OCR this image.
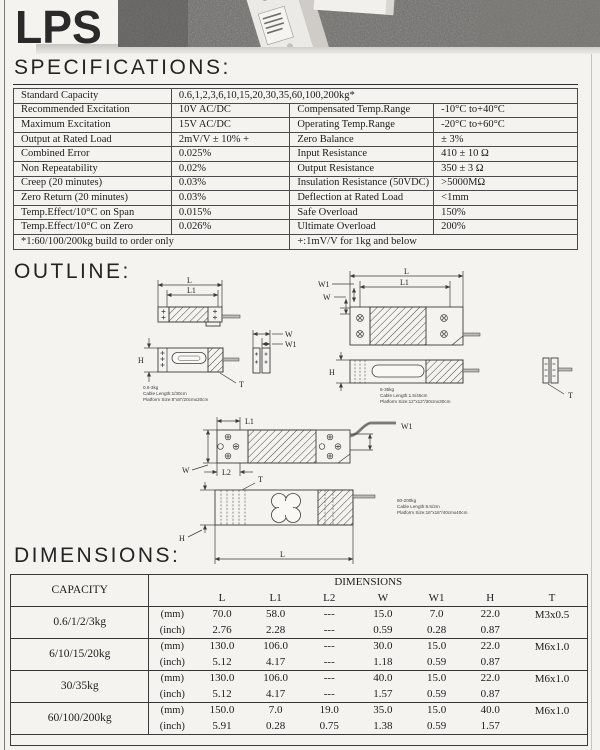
LPS
SPECIFICATIONS:
Standard Capacity	0.6,1,2,3,6,10,15,20,30,35,60,100,200kg*		
Recommended Excitation	10V AC/DC	Compensated Temp.Range	-10°C to+40°C
Maximum Excitation	15V AC/DC	Operating Temp.Range	-20°C to+60°C
Output at Rated Load	2mV/V ± 10% +	Zero Balance	± 3%
Combined Error	0.025%	Input Resistance	410 ± 10 Ω
Non Repeatability	0.02%	Output Resistance	350 ± 3 Ω
Creep (20 minutes)	0.03%	Insulation Resistance (50VDC)	>5000MΩ
Zero Return (20 minutes)	0.03%	Deflection at Rated Load	<1mm
Temp.Effect/10°C on Span	0.015%	Safe Overload	150%
Temp.Effect/10°C on Zero	0.026%	Ultimate Overload	200%
*1:60/100/200kg build to order only		+:1mV/V for 1kg and below	
OUTLINE:	L
L1
W
W1
H
T
0.6-3kg
Cable Length:1/30cm
Platform Size:8"x8"/20cmx20cm
L
L1
W1
W
H
T
6-35kg
Cable Length:1.5/45cm
Platform Size:12"x12"/30cmx30cm
L1
W
W1
L2
T
H
L
60-200kg
Cable Length:6.5/2m
Platform Size:16"x16"/40cmx40cm
DIMENSIONS:
CAPACITY	DIMENSIONS							
		L	L1	L2	W	W1	H	T
0.6/1/2/3kg	(mm)	70.0	58.0	---	15.0	7.0	22.0	M3x0.5
	(inch)	2.76	2.28	---	0.59	0.28	0.87	
6/10/15/20kg	(mm)	130.0	106.0	---	30.0	15.0	22.0	M6x1.0
	(inch)	5.12	4.17	---	1.18	0.59	0.87	
30/35kg	(mm)	130.0	106.0	---	40.0	15.0	22.0	M6x1.0
	(inch)	5.12	4.17	---	1.57	0.59	0.87	
60/100/200kg	(mm)	150.0	7.0	19.0	35.0	15.0	40.0	M6x1.0
	(inch)	5.91	0.28	0.75	1.38	0.59	1.57	
